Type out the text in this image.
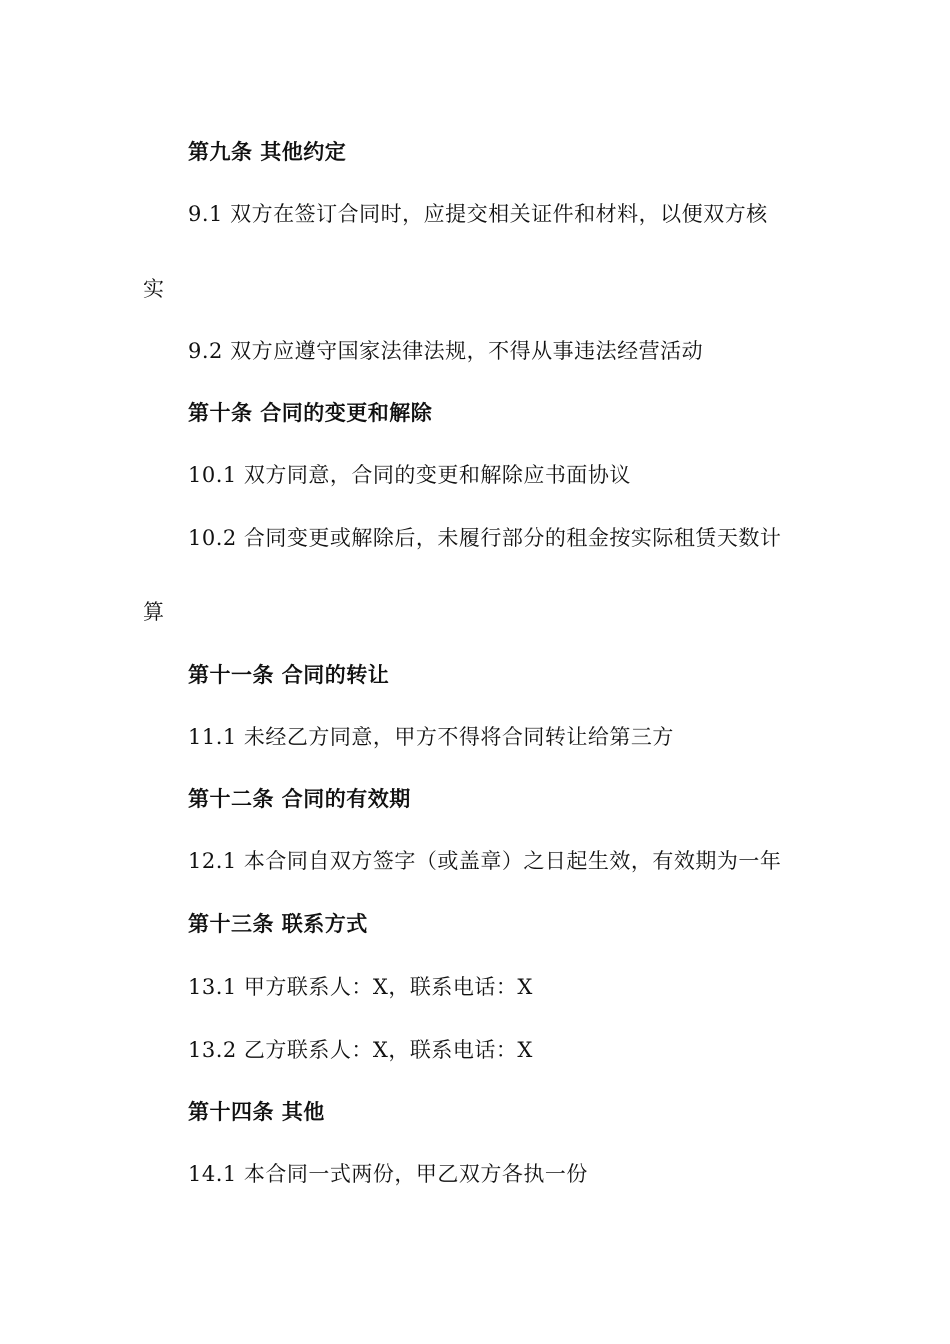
第九条 其他约定
9.1 双方在签订合同时，应提交相关证件和材料，以便双方核
实
9.2 双方应遵守国家法律法规，不得从事违法经营活动
第十条 合同的变更和解除
10.1 双方同意，合同的变更和解除应书面协议
10.2 合同变更或解除后，未履行部分的租金按实际租赁天数计
算
第十一条 合同的转让
11.1 未经乙方同意，甲方不得将合同转让给第三方
第十二条 合同的有效期
12.1 本合同自双方签字（或盖章）之日起生效，有效期为一年
第十三条 联系方式
13.1 甲方联系人：X，联系电话：X
13.2 乙方联系人：X，联系电话：X
第十四条 其他
14.1 本合同一式两份，甲乙双方各执一份
